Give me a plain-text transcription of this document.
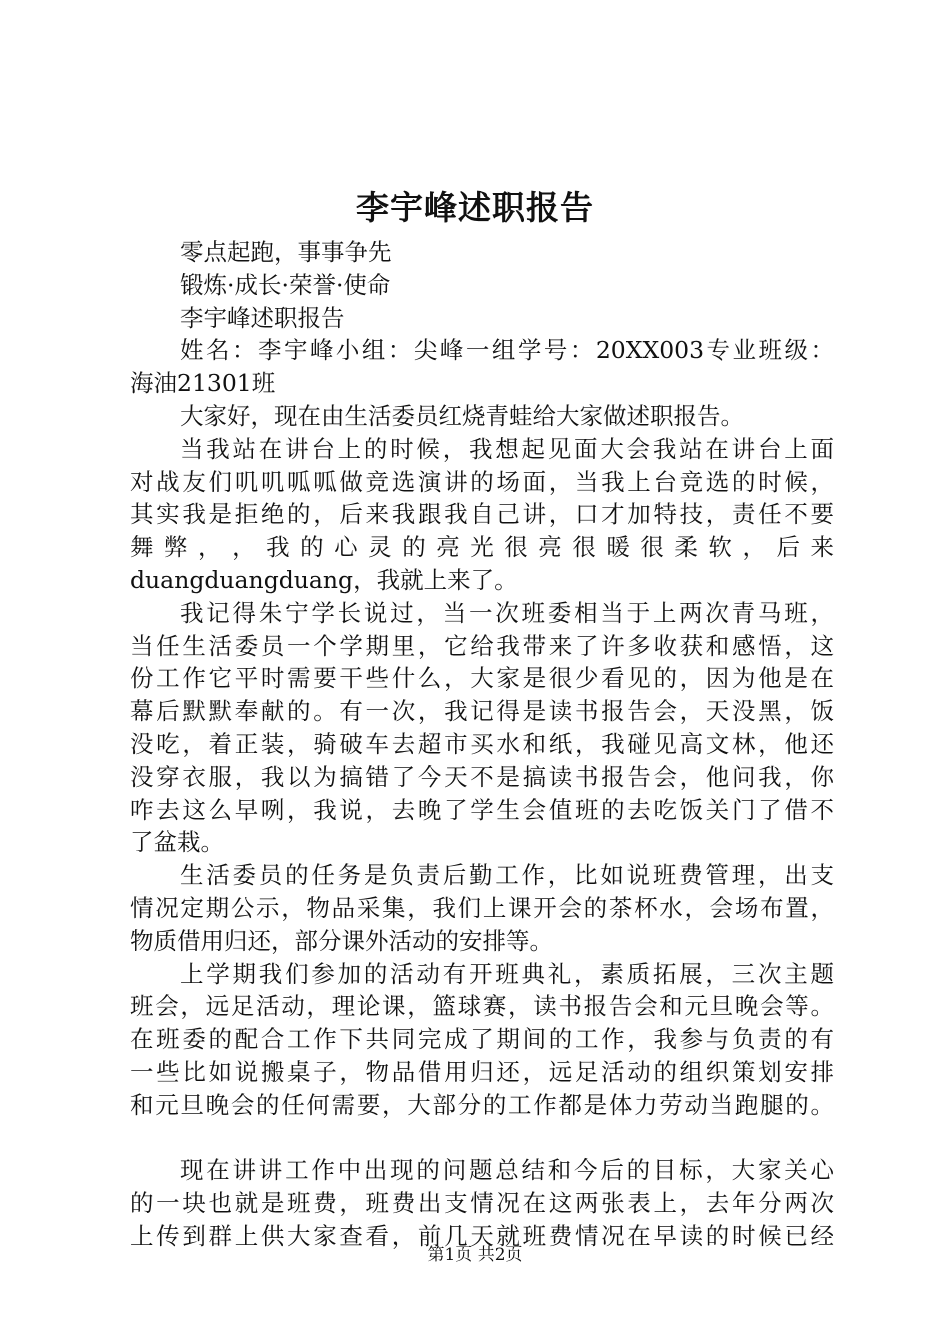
李宇峰述职报告

零点起跑，事事争先

锻炼·成长·荣誉·使命

李宇峰述职报告

姓名：李宇峰小组：尖峰一组学号：20XX003专业班级：

海油21301班

大家好，现在由生活委员红烧青蛙给大家做述职报告。

当我站在讲台上的时候，我想起见面大会我站在讲台上面

对战友们叽叽呱呱做竞选演讲的场面，当我上台竞选的时候，

其实我是拒绝的，后来我跟我自己讲，口才加特技，责任不要

舞 弊 ， ， 我 的 心 灵 的 亮 光 很 亮 很 暖 很 柔 软 ， 后 来

duangduangduang，我就上来了。

我记得朱宁学长说过，当一次班委相当于上两次青马班，

当任生活委员一个学期里，它给我带来了许多收获和感悟，这

份工作它平时需要干些什么，大家是很少看见的，因为他是在

幕后默默奉献的。有一次，我记得是读书报告会，天没黑，饭

没吃，着正装，骑破车去超市买水和纸，我碰见高文林，他还

没穿衣服，我以为搞错了今天不是搞读书报告会，他问我，你

咋去这么早咧，我说，去晚了学生会值班的去吃饭关门了借不

了盆栽。

生活委员的任务是负责后勤工作，比如说班费管理，出支

情况定期公示，物品采集，我们上课开会的茶杯水，会场布置，

物质借用归还，部分课外活动的安排等。

上学期我们参加的活动有开班典礼，素质拓展，三次主题

班会，远足活动，理论课，篮球赛，读书报告会和元旦晚会等。

在班委的配合工作下共同完成了期间的工作，我参与负责的有

一些比如说搬桌子，物品借用归还，远足活动的组织策划安排

和元旦晚会的任何需要，大部分的工作都是体力劳动当跑腿的。

现在讲讲工作中出现的问题总结和今后的目标，大家关心

的一块也就是班费，班费出支情况在这两张表上，去年分两次

上传到群上供大家查看，前几天就班费情况在早读的时候已经

第1页 共2页
